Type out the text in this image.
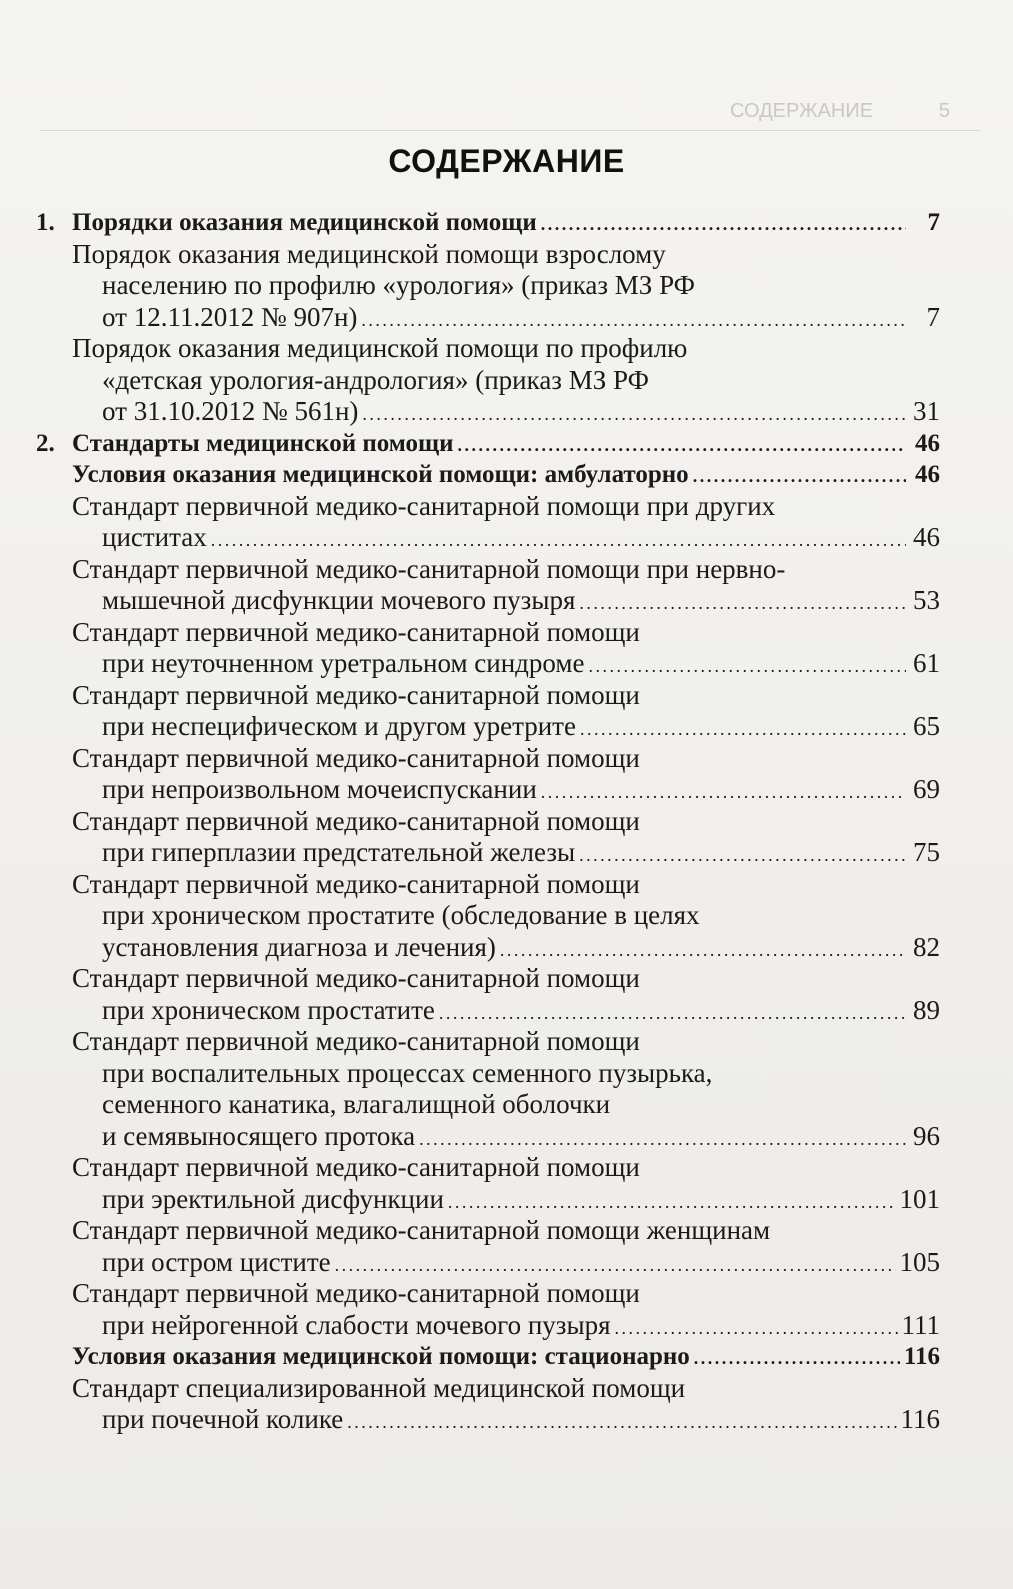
СОДЕРЖАНИЕ	5
СОДЕРЖАНИЕ
1. Порядки оказания медицинской помощи . . .	7
Порядок оказания медицинской помощи взрослому
населению по профилю «урология» (приказ МЗ РФ
от 12.11.2012 № 907н) . . .	7
Порядок оказания медицинской помощи по профилю
«детская урология-андрология» (приказ МЗ РФ
от 31.10.2012 № 561н) . . .	31
2. Стандарты медицинской помощи . . .	46
Условия оказания медицинской помощи: амбулаторно . . .	46
Стандарт первичной медико-санитарной помощи при других
циститах . . .	46
Стандарт первичной медико-санитарной помощи при нервно-
мышечной дисфункции мочевого пузыря . . .	53
Стандарт первичной медико-санитарной помощи
при неуточненном уретральном синдроме . . .	61
Стандарт первичной медико-санитарной помощи
при неспецифическом и другом уретрите . . .	65
Стандарт первичной медико-санитарной помощи
при непроизвольном мочеиспускании . . .	69
Стандарт первичной медико-санитарной помощи
при гиперплазии предстательной железы . . .	75
Стандарт первичной медико-санитарной помощи
при хроническом простатите (обследование в целях
установления диагноза и лечения) . . .	82
Стандарт первичной медико-санитарной помощи
при хроническом простатите . . .	89
Стандарт первичной медико-санитарной помощи
при воспалительных процессах семенного пузырька,
семенного канатика, влагалищной оболочки
и семявыносящего протока . . .	96
Стандарт первичной медико-санитарной помощи
при эректильной дисфункции . . .	101
Стандарт первичной медико-санитарной помощи женщинам
при остром цистите . . .	105
Стандарт первичной медико-санитарной помощи
при нейрогенной слабости мочевого пузыря . . .	111
Условия оказания медицинской помощи: стационарно . . .	116
Стандарт специализированной медицинской помощи
при почечной колике . . .	116
